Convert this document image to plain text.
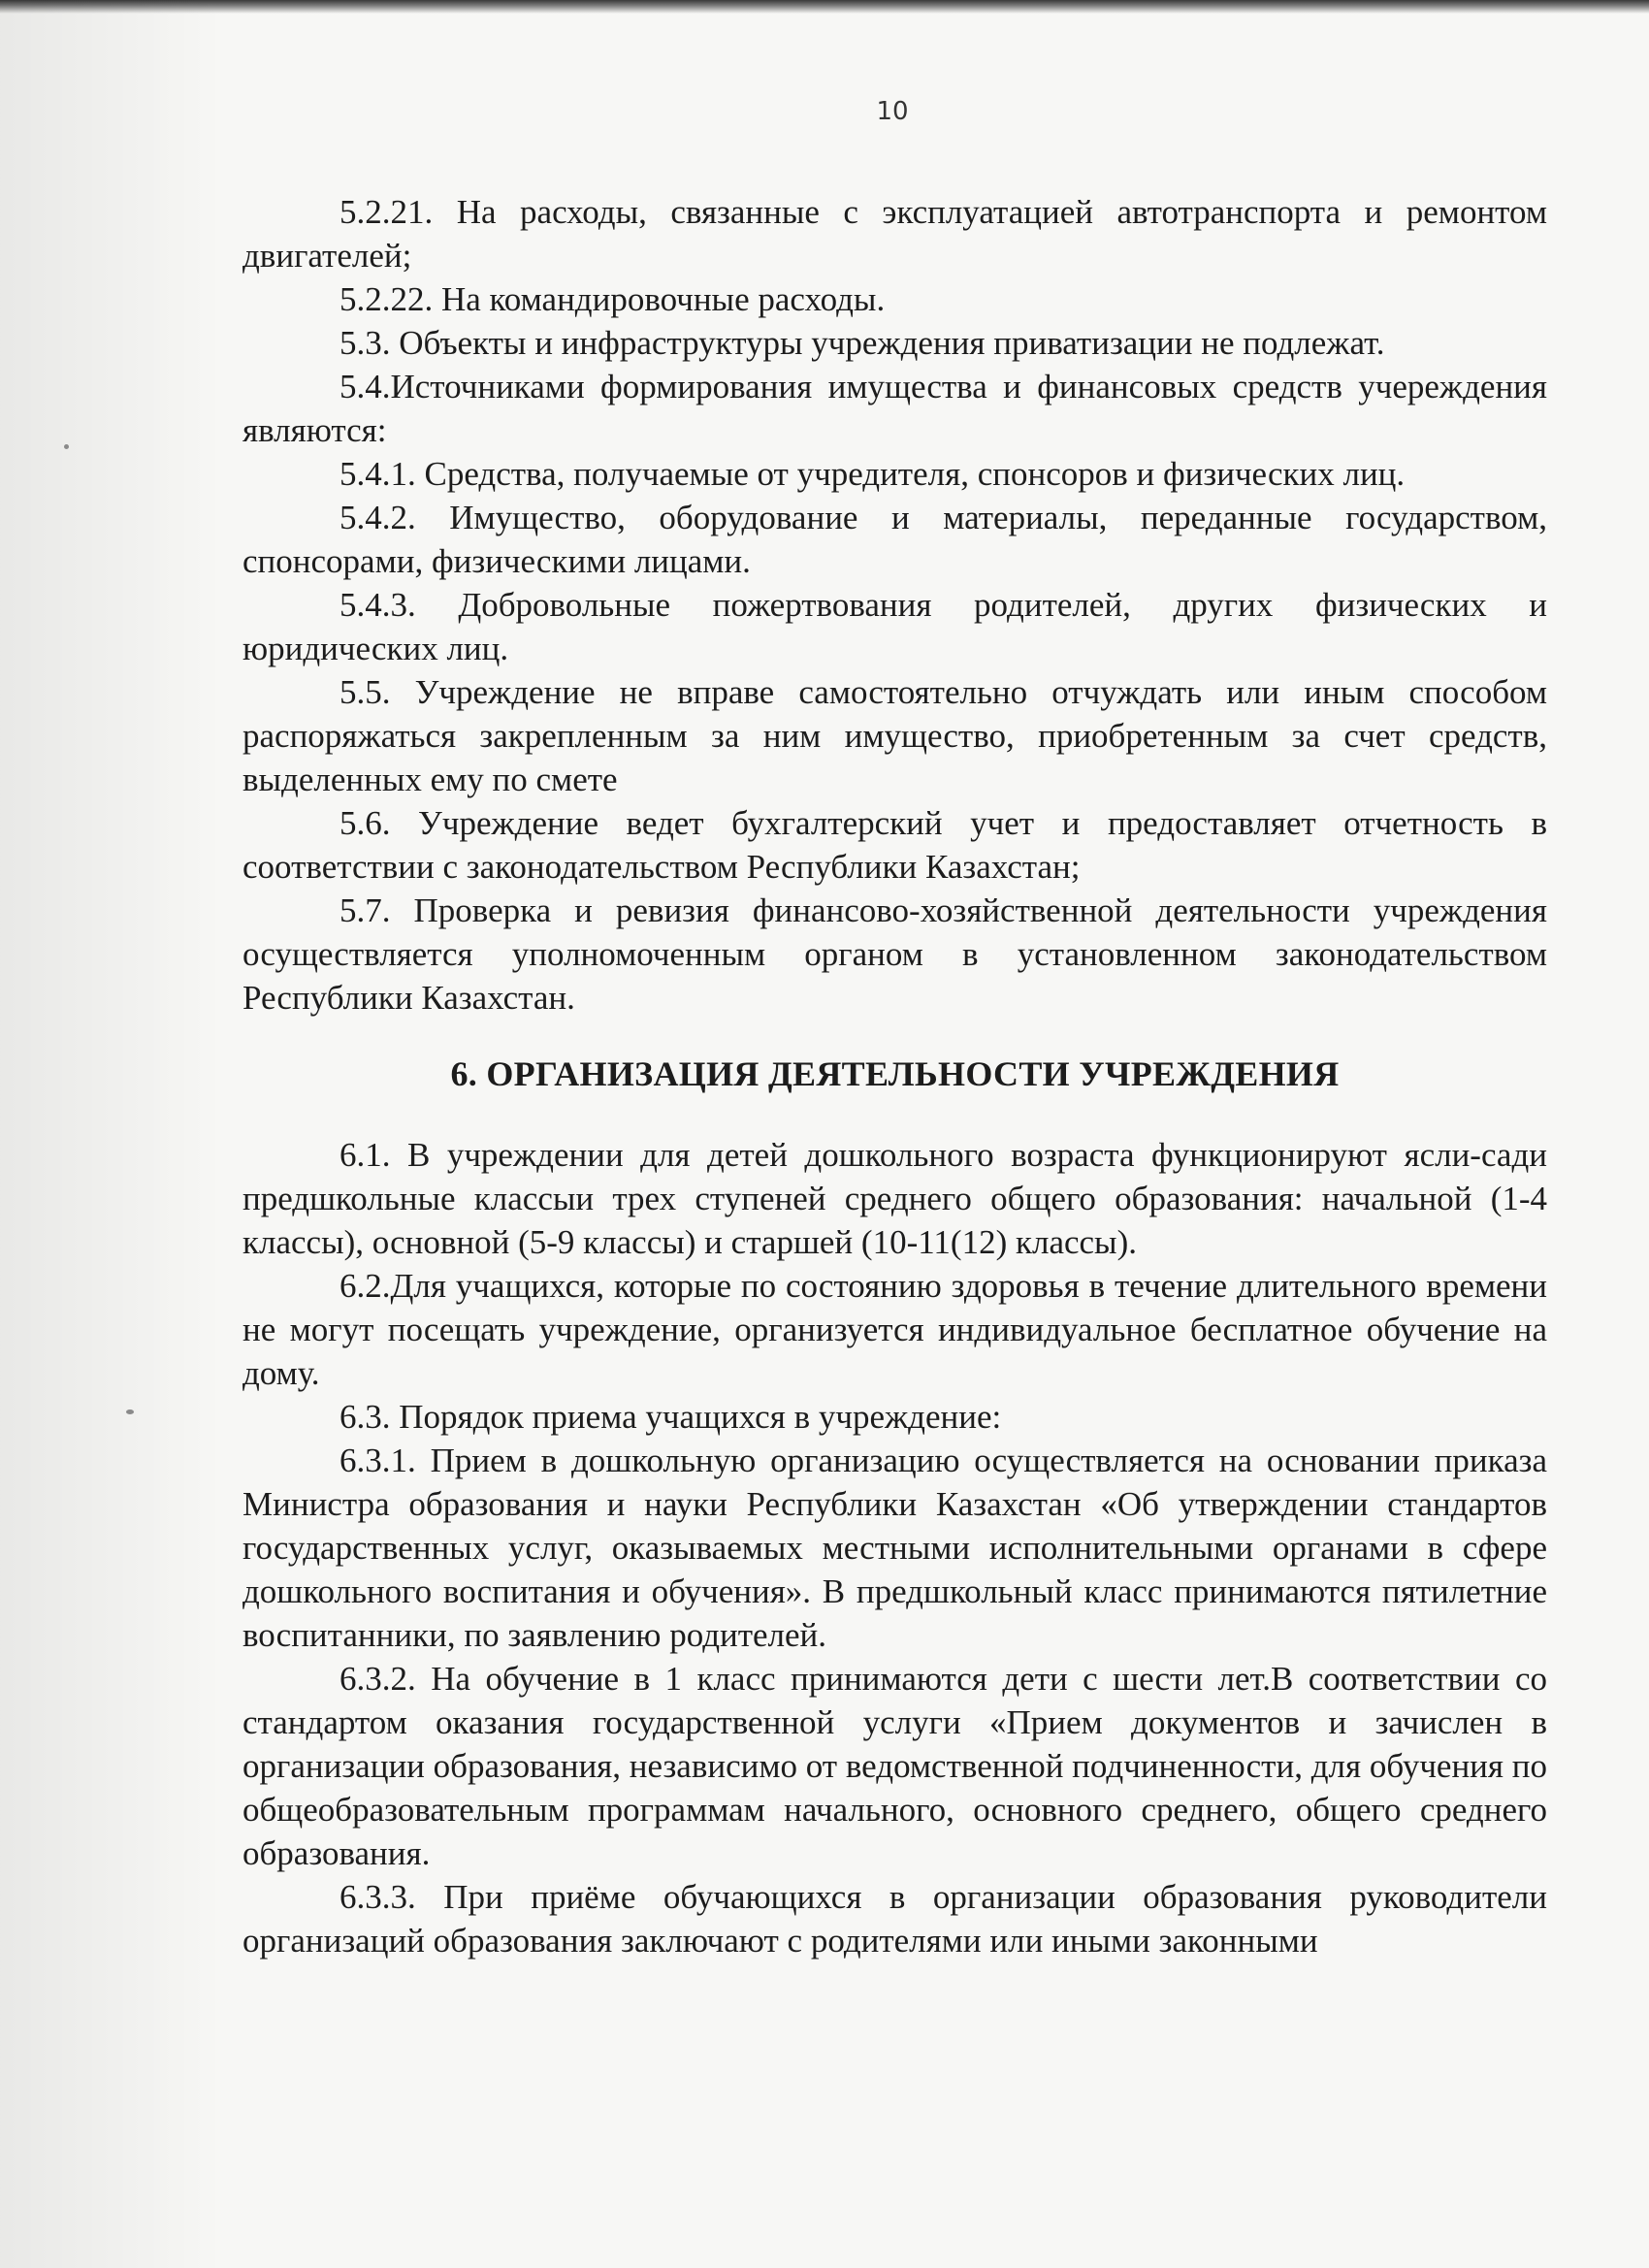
10

5.2.21. На расходы, связанные с эксплуатацией автотранспорта и ремонтом двигателей;

5.2.22. На командировочные расходы.

5.3. Объекты и инфраструктуры учреждения приватизации не подлежат.

5.4.Источниками формирования имущества и финансовых средств учереждения являются:

5.4.1. Средства, получаемые от учредителя, спонсоров и физических лиц.

5.4.2. Имущество, оборудование и материалы, переданные государством, спонсорами, физическими лицами.

5.4.3. Добровольные пожертвования родителей, других физических и юридических лиц.

5.5. Учреждение не вправе самостоятельно отчуждать или иным способом распоряжаться закрепленным за ним имущество, приобретенным за счет средств, выделенных ему по смете

5.6. Учреждение ведет бухгалтерский учет и предоставляет отчетность в соответствии с законодательством Республики Казахстан;

5.7. Проверка и ревизия финансово-хозяйственной деятельности учреждения осуществляется уполномоченным органом в установленном законодательством Республики Казахстан.

6. ОРГАНИЗАЦИЯ ДЕЯТЕЛЬНОСТИ УЧРЕЖДЕНИЯ

6.1. В учреждении для детей дошкольного возраста функционируют ясли-сади предшкольные классыи трех ступеней среднего общего образования: начальной (1-4 классы), основной (5-9 классы) и старшей (10-11(12) классы).

6.2.Для учащихся, которые по состоянию здоровья в течение длительного времени не могут посещать учреждение, организуется индивидуальное бесплатное обучение на дому.

6.3. Порядок приема учащихся в учреждение:

6.3.1. Прием в дошкольную организацию осуществляется на основании приказа Министра образования и науки Республики Казахстан «Об утверждении стандартов государственных услуг, оказываемых местными исполнительными органами в сфере дошкольного воспитания и обучения». В предшкольный класс принимаются пятилетние воспитанники, по заявлению родителей.

6.3.2. На обучение в 1 класс принимаются дети с шести лет.В соответствии со стандартом оказания государственной услуги «Прием документов и зачислен в организации образования, независимо от ведомственной подчиненности, для обучения по общеобразовательным программам начального, основного среднего, общего среднего образования.

6.3.3. При приёме обучающихся в организации образования руководители организаций образования заключают с родителями или иными законными
